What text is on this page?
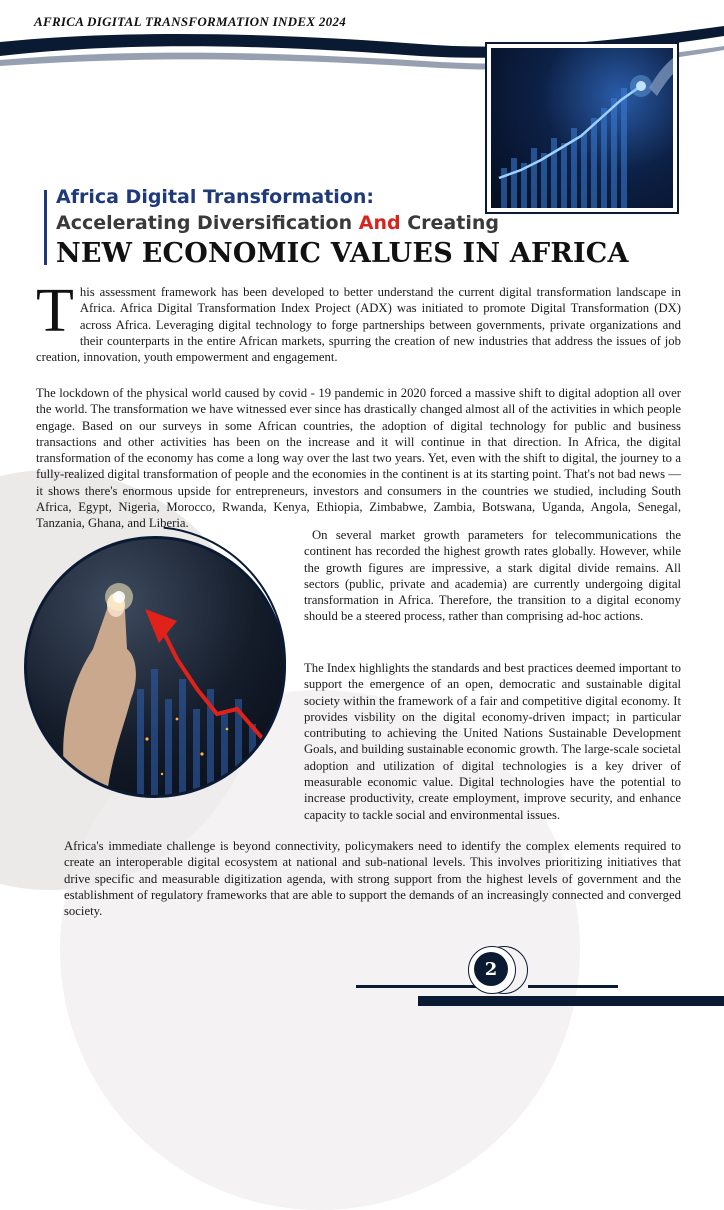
AFRICA DIGITAL TRANSFORMATION INDEX 2024
Africa Digital Transformation:
Accelerating Diversification And Creating
NEW ECONOMIC VALUES IN AFRICA
This assessment framework has been developed to better understand the current digital transformation landscape in Africa. Africa Digital Transformation Index Project (ADX) was initiated to promote Digital Transformation (DX) across Africa. Leveraging digital technology to forge partnerships between governments, private organizations and their counterparts in the entire African markets, spurring the creation of new industries that address the issues of job creation, innovation, youth empowerment and engagement.
The lockdown of the physical world caused by covid - 19 pandemic in 2020 forced a massive shift to digital adoption all over the world. The transformation we have witnessed ever since has drastically changed almost all of the activities in which people engage. Based on our surveys in some African countries, the adoption of digital technology for public and business transactions and other activities has been on the increase and it will continue in that direction. In Africa, the digital transformation of the economy has come a long way over the last two years. Yet, even with the shift to digital, the journey to a fully-realized digital transformation of people and the economies in the continent is at its starting point. That's not bad news — it shows there's enormous upside for entrepreneurs, investors and consumers in the countries we studied, including South Africa, Egypt, Nigeria, Morocco, Rwanda, Kenya, Ethiopia, Zimbabwe, Zambia, Botswana, Uganda, Angola, Senegal, Tanzania, Ghana, and Liberia.
On several market growth parameters for telecommunications the continent has recorded the highest growth rates globally. However, while the growth figures are impressive, a stark digital divide remains. All sectors (public, private and academia) are currently undergoing digital transformation in Africa. Therefore, the transition to a digital economy should be a steered process, rather than comprising ad-hoc actions.
The Index highlights the standards and best practices deemed important to support the emergence of an open, democratic and sustainable digital society within the framework of a fair and competitive digital economy. It provides visbility on the digital economy-driven impact; in particular contributing to achieving the United Nations Sustainable Development Goals, and building sustainable economic growth. The large-scale societal adoption and utilization of digital technologies is a key driver of measurable economic value. Digital technologies have the potential to increase productivity, create employment, improve security, and enhance capacity to tackle social and environmental issues.
Africa's immediate challenge is beyond connectivity, policymakers need to identify the complex elements required to create an interoperable digital ecosystem at national and sub-national levels. This involves prioritizing initiatives that drive specific and measurable digitization agenda, with strong support from the highest levels of government and the establishment of regulatory frameworks that are able to support the demands of an increasingly connected and converged society.
2
